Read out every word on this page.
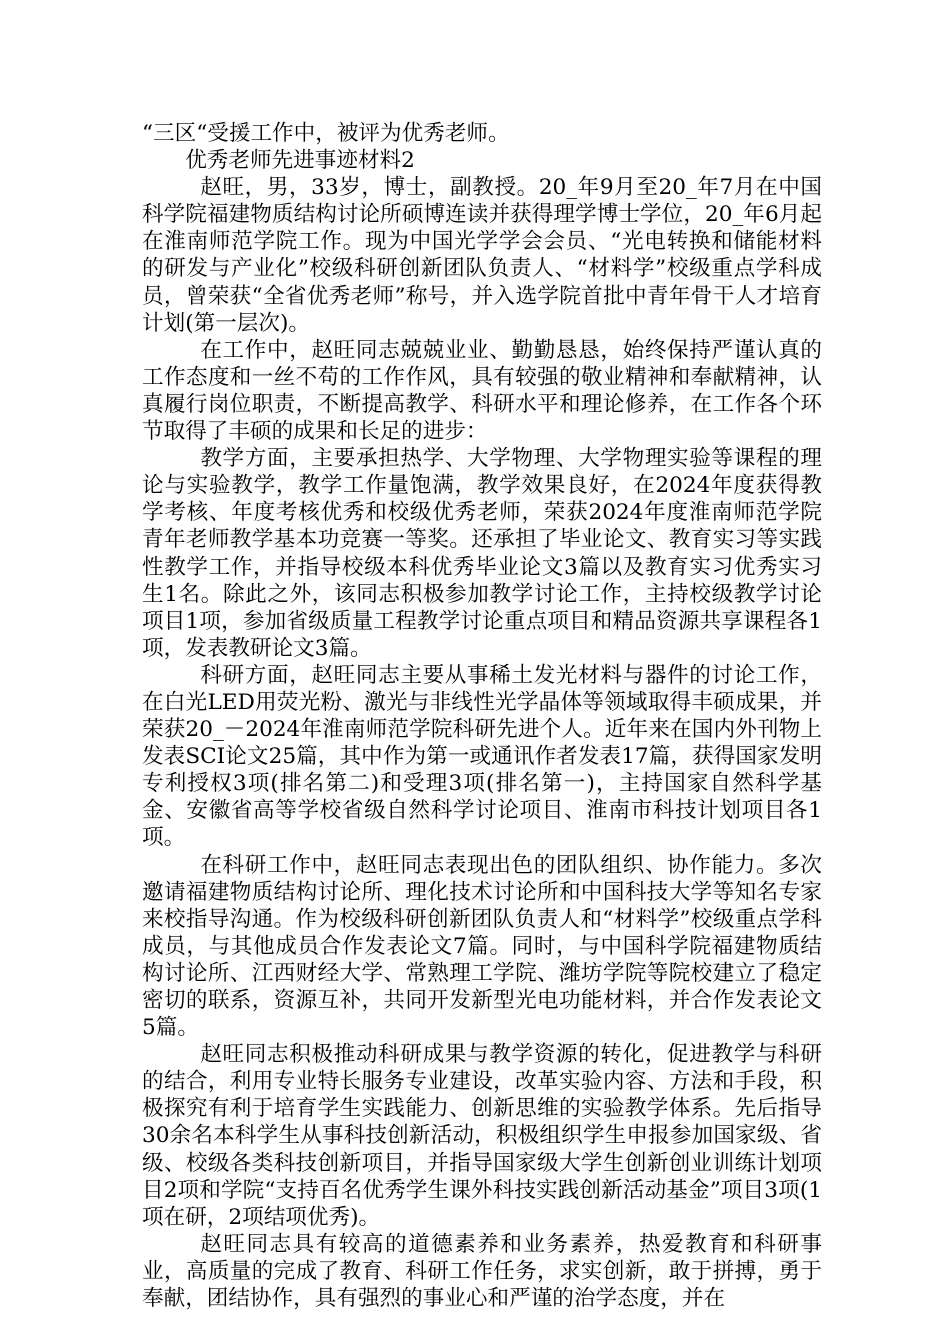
“三区“受援工作中，被评为优秀老师。

优秀老师先进事迹材料2

赵旺，男，33岁，博士，副教授。20_年9月至20_年7月在中国科学院福建物质结构讨论所硕博连读并获得理学博士学位，20_年6月起在淮南师范学院工作。现为中国光学学会会员、“光电转换和储能材料的研发与产业化”校级科研创新团队负责人、“材料学”校级重点学科成员，曾荣获“全省优秀老师”称号，并入选学院首批中青年骨干人才培育计划(第一层次)。

在工作中，赵旺同志兢兢业业、勤勤恳恳，始终保持严谨认真的工作态度和一丝不苟的工作作风，具有较强的敬业精神和奉献精神，认真履行岗位职责，不断提高教学、科研水平和理论修养，在工作各个环节取得了丰硕的成果和长足的进步：

教学方面，主要承担热学、大学物理、大学物理实验等课程的理论与实验教学，教学工作量饱满，教学效果良好，在2024年度获得教学考核、年度考核优秀和校级优秀老师，荣获2024年度淮南师范学院青年老师教学基本功竞赛一等奖。还承担了毕业论文、教育实习等实践性教学工作，并指导校级本科优秀毕业论文3篇以及教育实习优秀实习生1名。除此之外，该同志积极参加教学讨论工作，主持校级教学讨论项目1项，参加省级质量工程教学讨论重点项目和精品资源共享课程各1项，发表教研论文3篇。

科研方面，赵旺同志主要从事稀土发光材料与器件的讨论工作，在白光LED用荧光粉、激光与非线性光学晶体等领域取得丰硕成果，并荣获20_－2024年淮南师范学院科研先进个人。近年来在国内外刊物上发表SCI论文25篇，其中作为第一或通讯作者发表17篇，获得国家发明专利授权3项(排名第二)和受理3项(排名第一)，主持国家自然科学基金、安徽省高等学校省级自然科学讨论项目、淮南市科技计划项目各1项。

在科研工作中，赵旺同志表现出色的团队组织、协作能力。多次邀请福建物质结构讨论所、理化技术讨论所和中国科技大学等知名专家来校指导沟通。作为校级科研创新团队负责人和“材料学”校级重点学科成员，与其他成员合作发表论文7篇。同时，与中国科学院福建物质结构讨论所、江西财经大学、常熟理工学院、潍坊学院等院校建立了稳定密切的联系，资源互补，共同开发新型光电功能材料，并合作发表论文5篇。

赵旺同志积极推动科研成果与教学资源的转化，促进教学与科研的结合，利用专业特长服务专业建设，改革实验内容、方法和手段，积极探究有利于培育学生实践能力、创新思维的实验教学体系。先后指导30余名本科学生从事科技创新活动，积极组织学生申报参加国家级、省级、校级各类科技创新项目，并指导国家级大学生创新创业训练计划项目2项和学院“支持百名优秀学生课外科技实践创新活动基金”项目3项(1项在研，2项结项优秀)。

赵旺同志具有较高的道德素养和业务素养，热爱教育和科研事业，高质量的完成了教育、科研工作任务，求实创新，敢于拼搏，勇于奉献，团结协作，具有强烈的事业心和严谨的治学态度，并在
